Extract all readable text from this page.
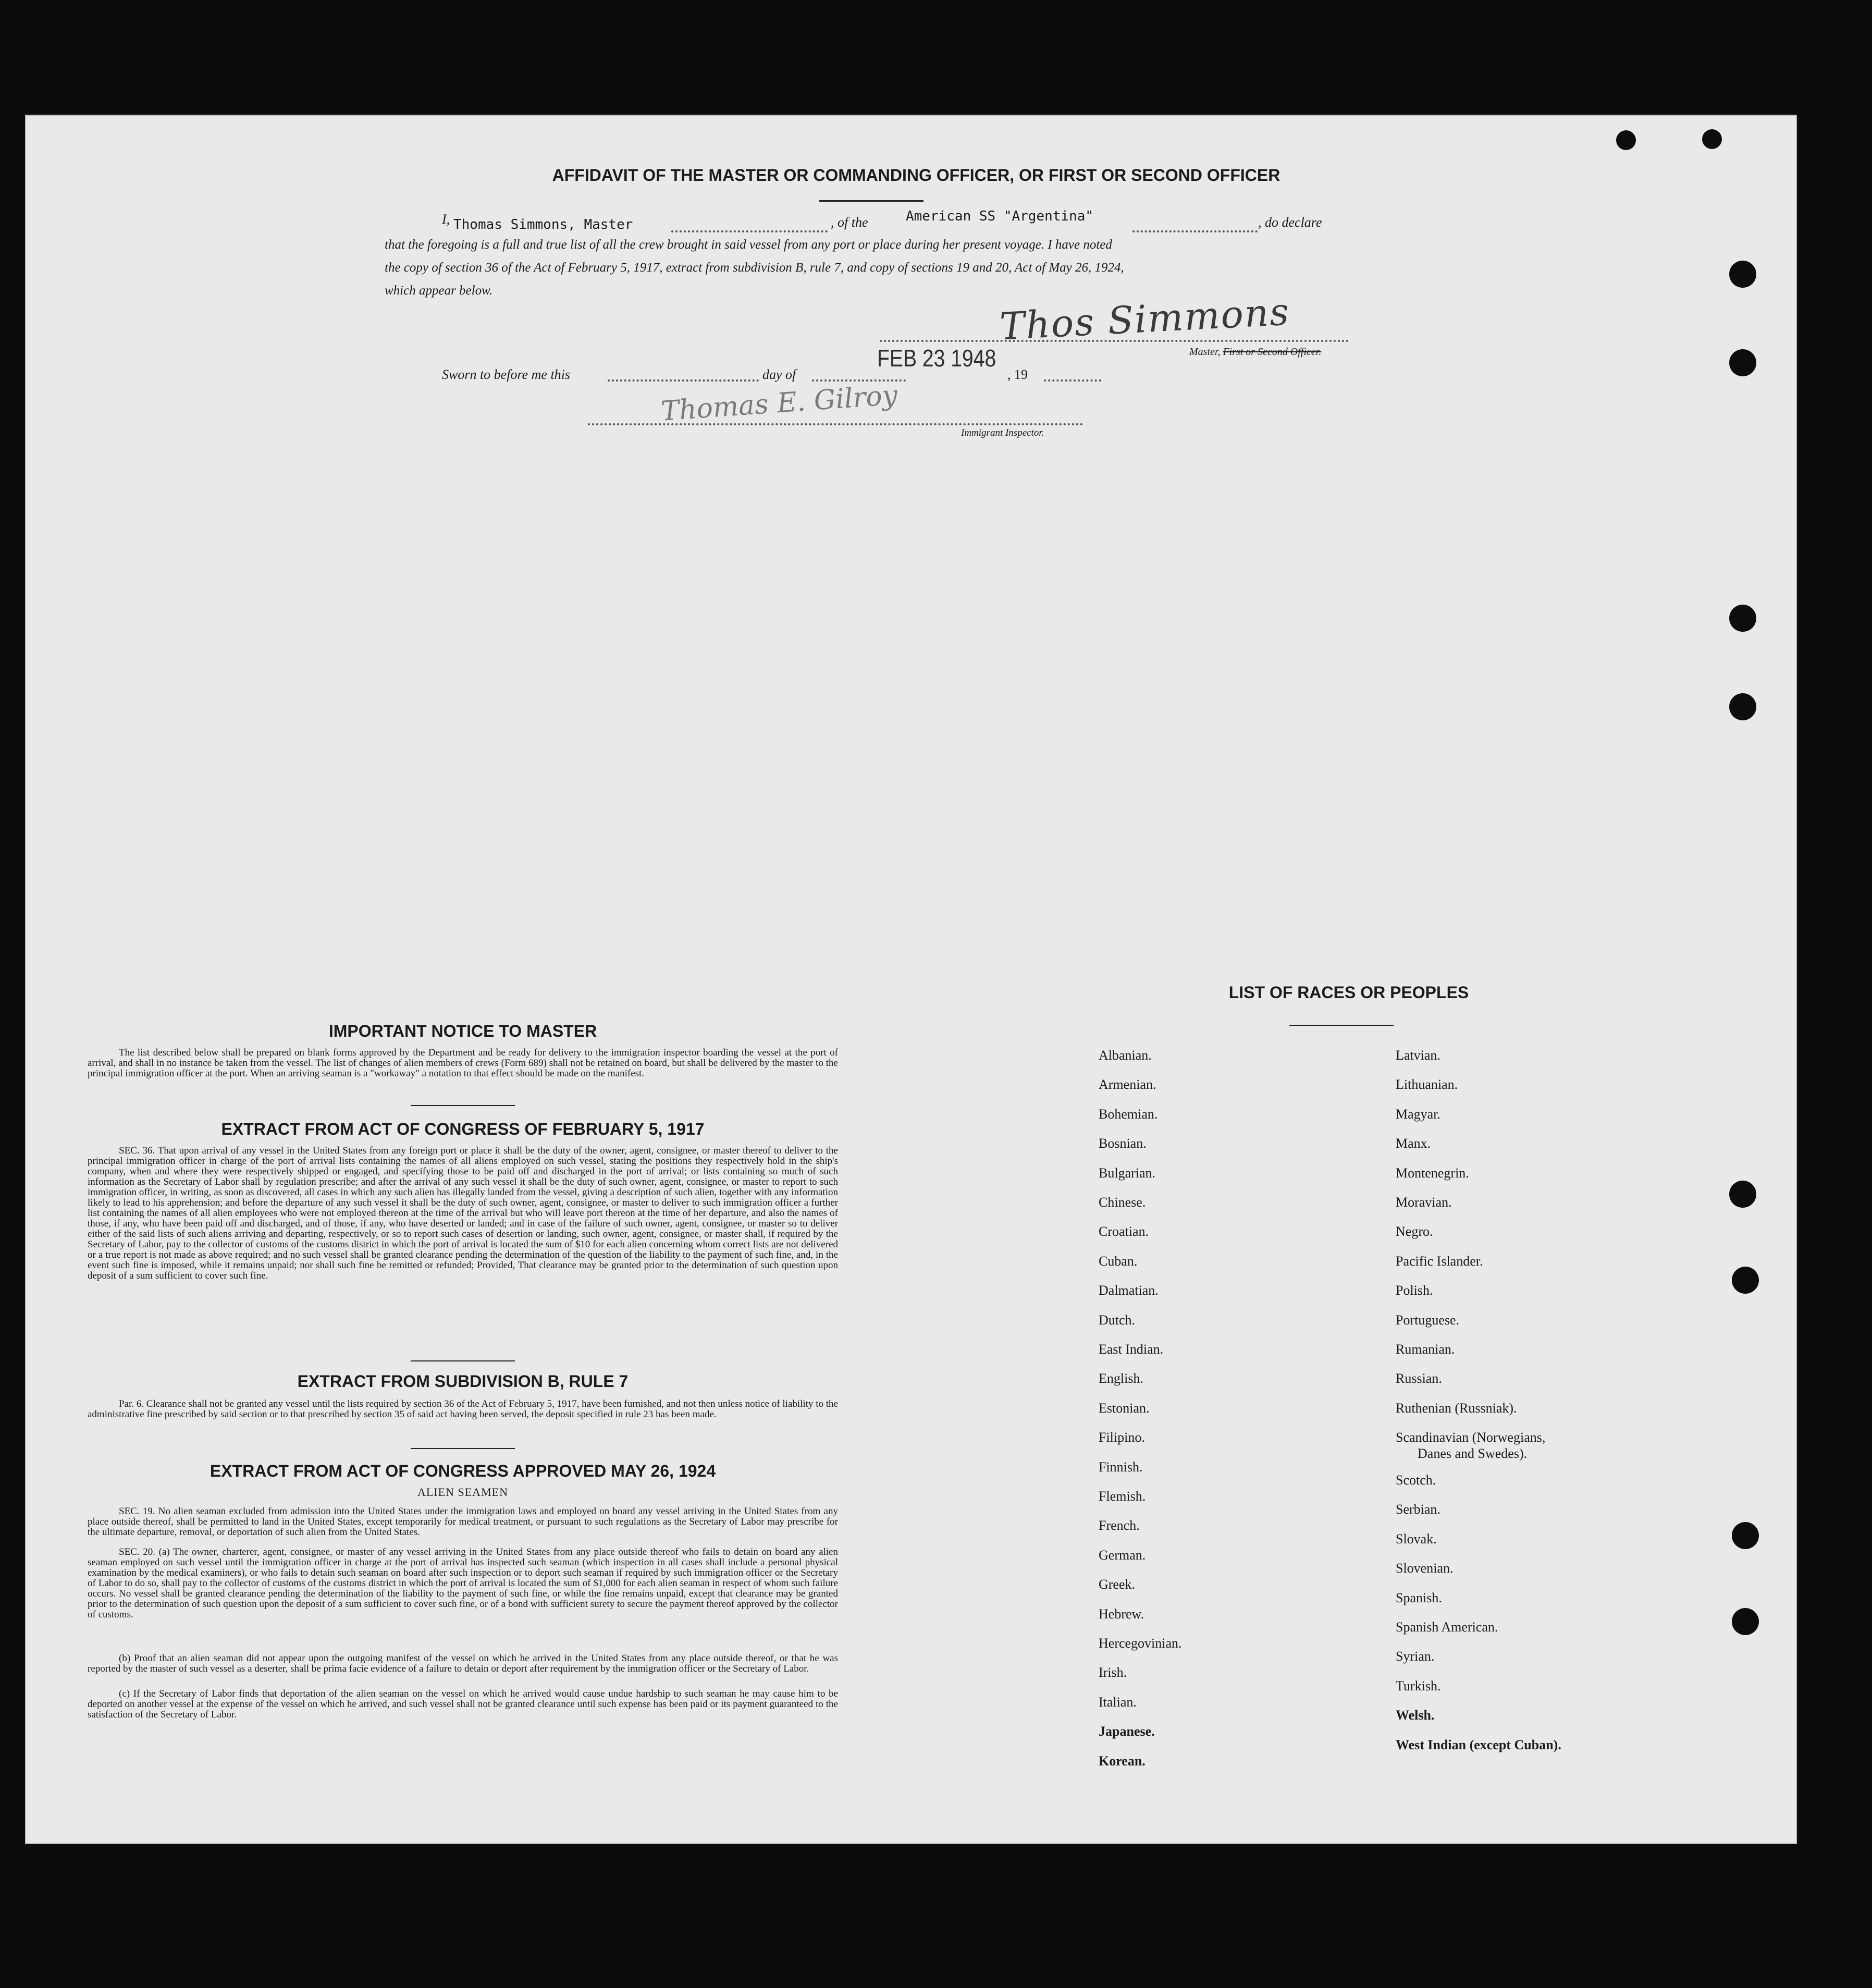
AFFIDAVIT OF THE MASTER OR COMMANDING OFFICER, OR FIRST OR SECOND OFFICER
I, Thomas Simmons, Master	, of the	American SS "Argentina"	, do declare
that the foregoing is a full and true list of all the crew brought in said vessel from any port or place during her present voyage. I have noted
the copy of section 36 of the Act of February 5, 1917, extract from subdivision B, rule 7, and copy of sections 19 and 20, Act of May 26, 1924,
which appear below.	Thos Simmons
Master, First or Second Officer.
FEB 23 1948
Sworn to before me this	day of	, 19
Thomas E. Gilroy
Immigrant Inspector.
IMPORTANT NOTICE TO MASTER
The list described below shall be prepared on blank forms approved by the Department and be ready for delivery to the immigration inspector boarding the vessel at the port of arrival, and shall in no instance be taken from the vessel. The list of changes of alien members of crews (Form 689) shall not be retained on board, but shall be delivered by the master to the principal immigration officer at the port. When an arriving seaman is a "workaway" a notation to that effect should be made on the manifest.
EXTRACT FROM ACT OF CONGRESS OF FEBRUARY 5, 1917
SEC. 36. That upon arrival of any vessel in the United States from any foreign port or place it shall be the duty of the owner, agent, consignee, or master thereof to deliver to the principal immigration officer in charge of the port of arrival lists containing the names of all aliens employed on such vessel, stating the positions they respectively hold in the ship's company, when and where they were respectively shipped or engaged, and specifying those to be paid off and discharged in the port of arrival; or lists containing so much of such information as the Secretary of Labor shall by regulation prescribe; and after the arrival of any such vessel it shall be the duty of such owner, agent, consignee, or master to report to such immigration officer, in writing, as soon as discovered, all cases in which any such alien has illegally landed from the vessel, giving a description of such alien, together with any information likely to lead to his apprehension; and before the departure of any such vessel it shall be the duty of such owner, agent, consignee, or master to deliver to such immigration officer a further list containing the names of all alien employees who were not employed thereon at the time of the arrival but who will leave port thereon at the time of her departure, and also the names of those, if any, who have been paid off and discharged, and of those, if any, who have deserted or landed; and in case of the failure of such owner, agent, consignee, or master so to deliver either of the said lists of such aliens arriving and departing, respectively, or so to report such cases of desertion or landing, such owner, agent, consignee, or master shall, if required by the Secretary of Labor, pay to the collector of customs of the customs district in which the port of arrival is located the sum of $10 for each alien concerning whom correct lists are not delivered or a true report is not made as above required; and no such vessel shall be granted clearance pending the determination of the question of the liability to the payment of such fine, and, in the event such fine is imposed, while it remains unpaid; nor shall such fine be remitted or refunded; Provided, That clearance may be granted prior to the determination of such question upon deposit of a sum sufficient to cover such fine.
EXTRACT FROM SUBDIVISION B, RULE 7
Par. 6. Clearance shall not be granted any vessel until the lists required by section 36 of the Act of February 5, 1917, have been furnished, and not then unless notice of liability to the administrative fine prescribed by said section or to that prescribed by section 35 of said act having been served, the deposit specified in rule 23 has been made.
EXTRACT FROM ACT OF CONGRESS APPROVED MAY 26, 1924
ALIEN SEAMEN
SEC. 19. No alien seaman excluded from admission into the United States under the immigration laws and employed on board any vessel arriving in the United States from any place outside thereof, shall be permitted to land in the United States, except temporarily for medical treatment, or pursuant to such regulations as the Secretary of Labor may prescribe for the ultimate departure, removal, or deportation of such alien from the United States.
SEC. 20. (a) The owner, charterer, agent, consignee, or master of any vessel arriving in the United States from any place outside thereof who fails to detain on board any alien seaman employed on such vessel until the immigration officer in charge at the port of arrival has inspected such seaman (which inspection in all cases shall include a personal physical examination by the medical examiners), or who fails to detain such seaman on board after such inspection or to deport such seaman if required by such immigration officer or the Secretary of Labor to do so, shall pay to the collector of customs of the customs district in which the port of arrival is located the sum of $1,000 for each alien seaman in respect of whom such failure occurs. No vessel shall be granted clearance pending the determination of the liability to the payment of such fine, or while the fine remains unpaid, except that clearance may be granted prior to the determination of such question upon the deposit of a sum sufficient to cover such fine, or of a bond with sufficient surety to secure the payment thereof approved by the collector of customs.
(b) Proof that an alien seaman did not appear upon the outgoing manifest of the vessel on which he arrived in the United States from any place outside thereof, or that he was reported by the master of such vessel as a deserter, shall be prima facie evidence of a failure to detain or deport after requirement by the immigration officer or the Secretary of Labor.
(c) If the Secretary of Labor finds that deportation of the alien seaman on the vessel on which he arrived would cause undue hardship to such seaman he may cause him to be deported on another vessel at the expense of the vessel on which he arrived, and such vessel shall not be granted clearance until such expense has been paid or its payment guaranteed to the satisfaction of the Secretary of Labor.
LIST OF RACES OR PEOPLES
Albanian.
Armenian.
Bohemian.
Bosnian.
Bulgarian.
Chinese.
Croatian.
Cuban.
Dalmatian.
Dutch.
East Indian.
English.
Estonian.
Filipino.
Finnish.
Flemish.
French.
German.
Greek.
Hebrew.
Hercegovinian.
Irish.
Italian.
Japanese.
Korean.
Latvian.
Lithuanian.
Magyar.
Manx.
Montenegrin.
Moravian.
Negro.
Pacific Islander.
Polish.
Portuguese.
Rumanian.
Russian.
Ruthenian (Russniak).
Scandinavian (Norwegians,
Danes and Swedes).
Scotch.
Serbian.
Slovak.
Slovenian.
Spanish.
Spanish American.
Syrian.
Turkish.
Welsh.
West Indian (except Cuban).
